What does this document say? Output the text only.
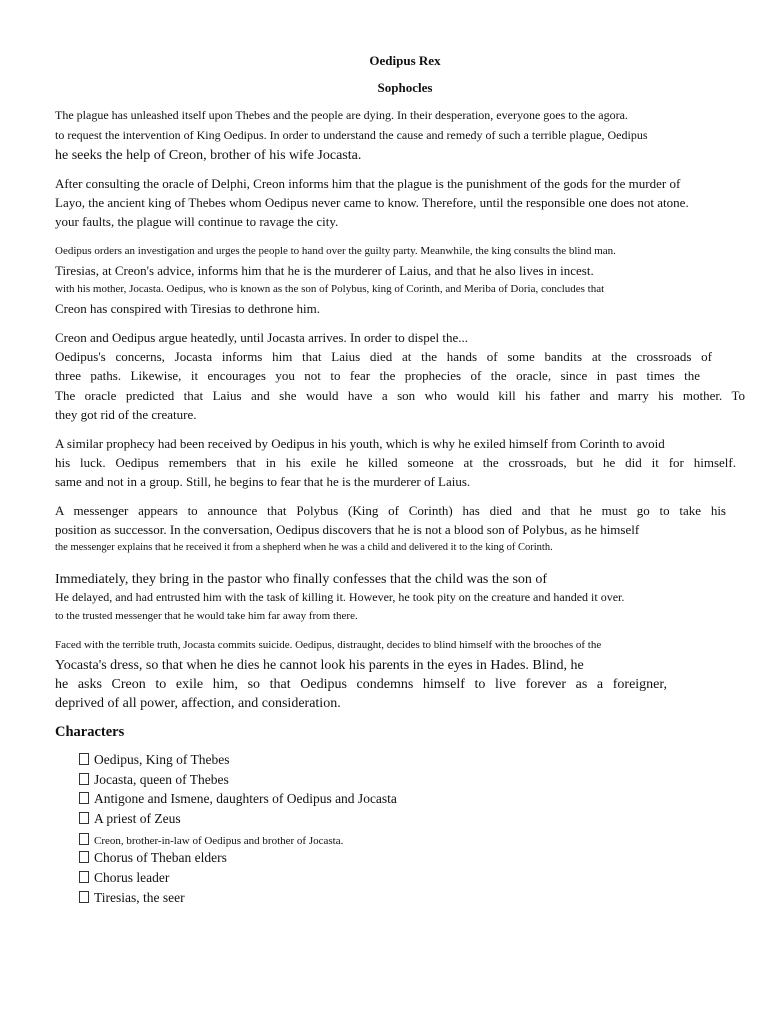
Oedipus Rex

Sophocles

The plague has unleashed itself upon Thebes and the people are dying. In their desperation, everyone goes to the agora.

to request the intervention of King Oedipus. In order to understand the cause and remedy of such a terrible plague, Oedipus

he seeks the help of Creon, brother of his wife Jocasta.

After consulting the oracle of Delphi, Creon informs him that the plague is the punishment of the gods for the murder of

Layo, the ancient king of Thebes whom Oedipus never came to know. Therefore, until the responsible one does not atone.

your faults, the plague will continue to ravage the city.

Oedipus orders an investigation and urges the people to hand over the guilty party. Meanwhile, the king consults the blind man.

Tiresias, at Creon's advice, informs him that he is the murderer of Laius, and that he also lives in incest.

with his mother, Jocasta. Oedipus, who is known as the son of Polybus, king of Corinth, and Meriba of Doria, concludes that

Creon has conspired with Tiresias to dethrone him.

Creon and Oedipus argue heatedly, until Jocasta arrives. In order to dispel the...

Oedipus's concerns, Jocasta informs him that Laius died at the hands of some bandits at the crossroads of

three paths. Likewise, it encourages you not to fear the prophecies of the oracle, since in past times the

The oracle predicted that Laius and she would have a son who would kill his father and marry his mother. To

they got rid of the creature.

A similar prophecy had been received by Oedipus in his youth, which is why he exiled himself from Corinth to avoid

his luck. Oedipus remembers that in his exile he killed someone at the crossroads, but he did it for himself.

same and not in a group. Still, he begins to fear that he is the murderer of Laius.

A messenger appears to announce that Polybus (King of Corinth) has died and that he must go to take his

position as successor. In the conversation, Oedipus discovers that he is not a blood son of Polybus, as he himself

the messenger explains that he received it from a shepherd when he was a child and delivered it to the king of Corinth.

Immediately, they bring in the pastor who finally confesses that the child was the son of

He delayed, and had entrusted him with the task of killing it. However, he took pity on the creature and handed it over.

to the trusted messenger that he would take him far away from there.

Faced with the terrible truth, Jocasta commits suicide. Oedipus, distraught, decides to blind himself with the brooches of the

Yocasta's dress, so that when he dies he cannot look his parents in the eyes in Hades. Blind, he

he asks Creon to exile him, so that Oedipus condemns himself to live forever as a foreigner,

deprived of all power, affection, and consideration.

Characters

Oedipus, King of Thebes
Jocasta, queen of Thebes
Antigone and Ismene, daughters of Oedipus and Jocasta
A priest of Zeus
Creon, brother-in-law of Oedipus and brother of Jocasta.
Chorus of Theban elders
Chorus leader
Tiresias, the seer
